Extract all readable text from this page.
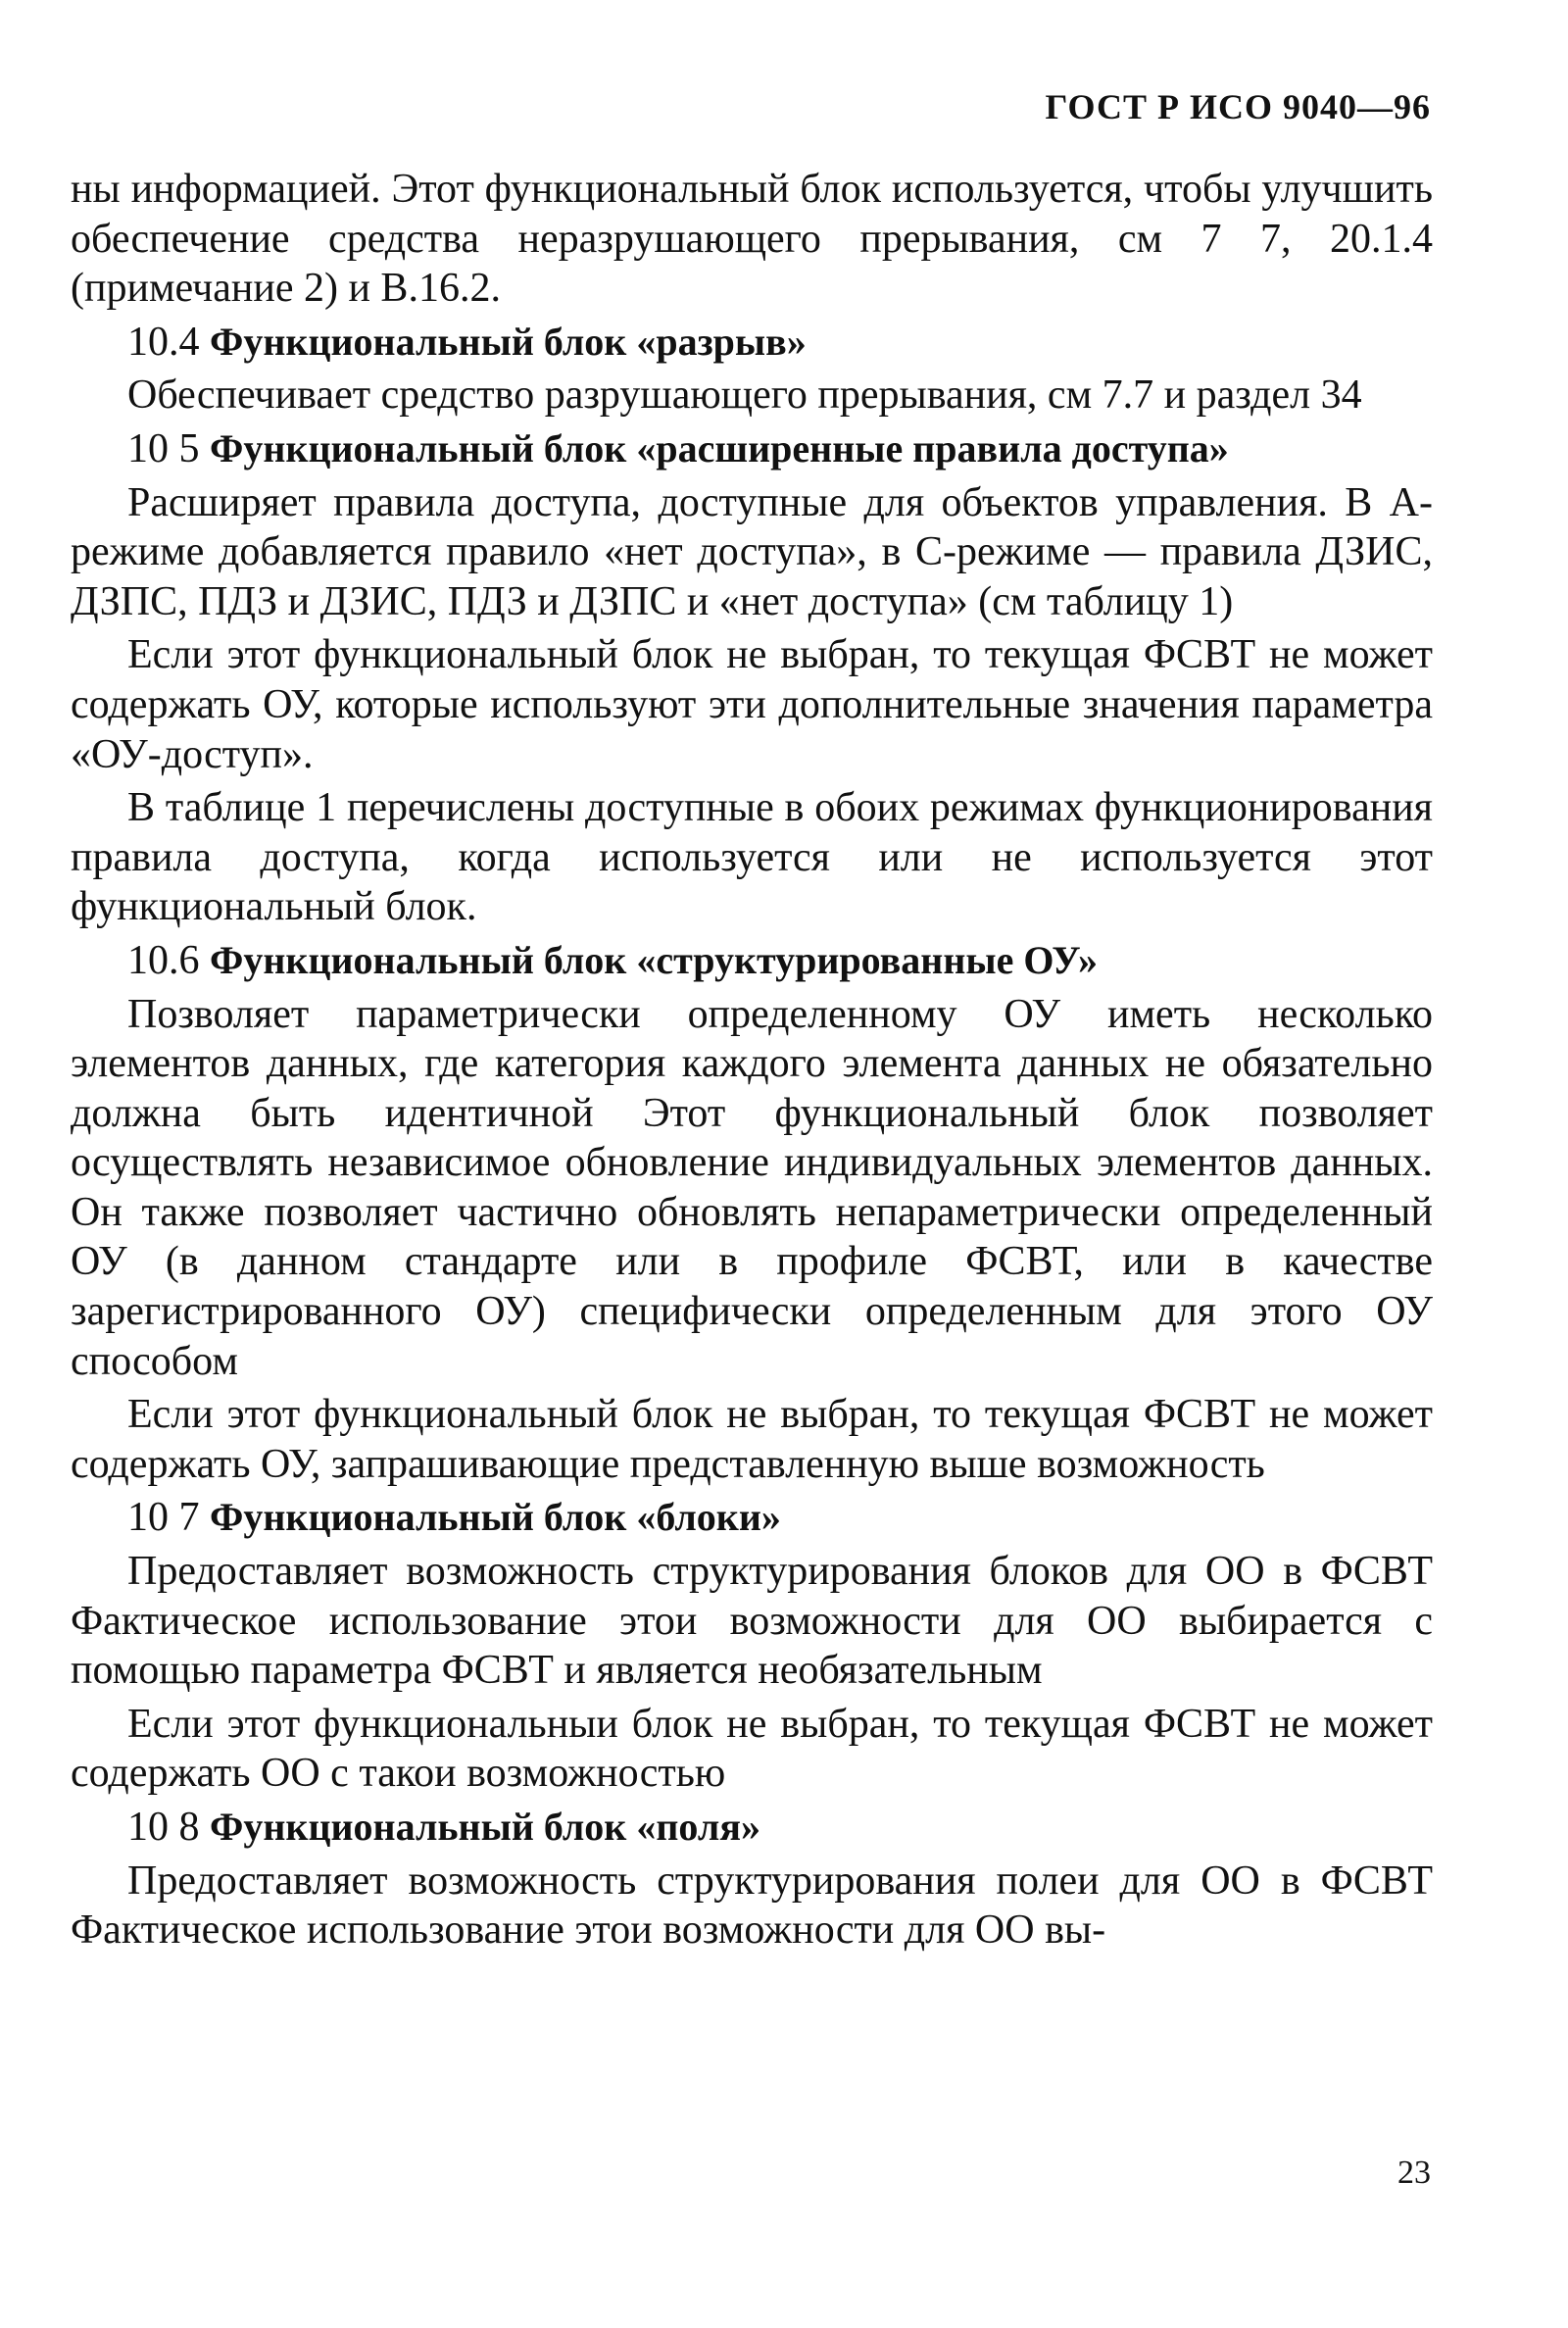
ГОСТ Р ИСО 9040—96

ны информацией. Этот функциональный блок используется, чтобы улучшить обеспечение средства неразрушающего прерывания, см 7 7, 20.1.4 (примечание 2) и В.16.2.

10.4 Функциональный блок «разрыв»

Обеспечивает средство разрушающего прерывания, см 7.7 и раздел 34

10 5 Функциональный блок «расширенные правила доступа»

Расширяет правила доступа, доступные для объектов управления. В А-режиме добавляется правило «нет доступа», в С-режиме — правила ДЗИС, ДЗПС, ПДЗ и ДЗИС, ПДЗ и ДЗПС и «нет доступа» (см таблицу 1)

Если этот функциональный блок не выбран, то текущая ФСВТ не может содержать ОУ, которые используют эти дополнительные значения параметра «ОУ-доступ».

В таблице 1 перечислены доступные в обоих режимах функционирования правила доступа, когда используется или не используется этот функциональный блок.

10.6 Функциональный блок «структурированные ОУ»

Позволяет параметрически определенному ОУ иметь несколько элементов данных, где категория каждого элемента данных не обязательно должна быть идентичной Этот функциональный блок позволяет осуществлять независимое обновление индивидуальных элементов данных. Он также позволяет частично обновлять непараметрически определенный ОУ (в данном стандарте или в профиле ФСВТ, или в качестве зарегистрированного ОУ) специфически определенным для этого ОУ способом

Если этот функциональный блок не выбран, то текущая ФСВТ не может содержать ОУ, запрашивающие представленную выше возможность

10 7 Функциональный блок «блоки»

Предоставляет возможность структурирования блоков для ОО в ФСВТ Фактическое использование этои возможности для ОО выбирается с помощью параметра ФСВТ и является необязательным

Если этот функциональныи блок не выбран, то текущая ФСВТ не может содержать ОО с такои возможностью

10 8 Функциональный блок «поля»

Предоставляет возможность структурирования полеи для ОО в ФСВТ Фактическое использование этои возможности для ОО вы-

23
